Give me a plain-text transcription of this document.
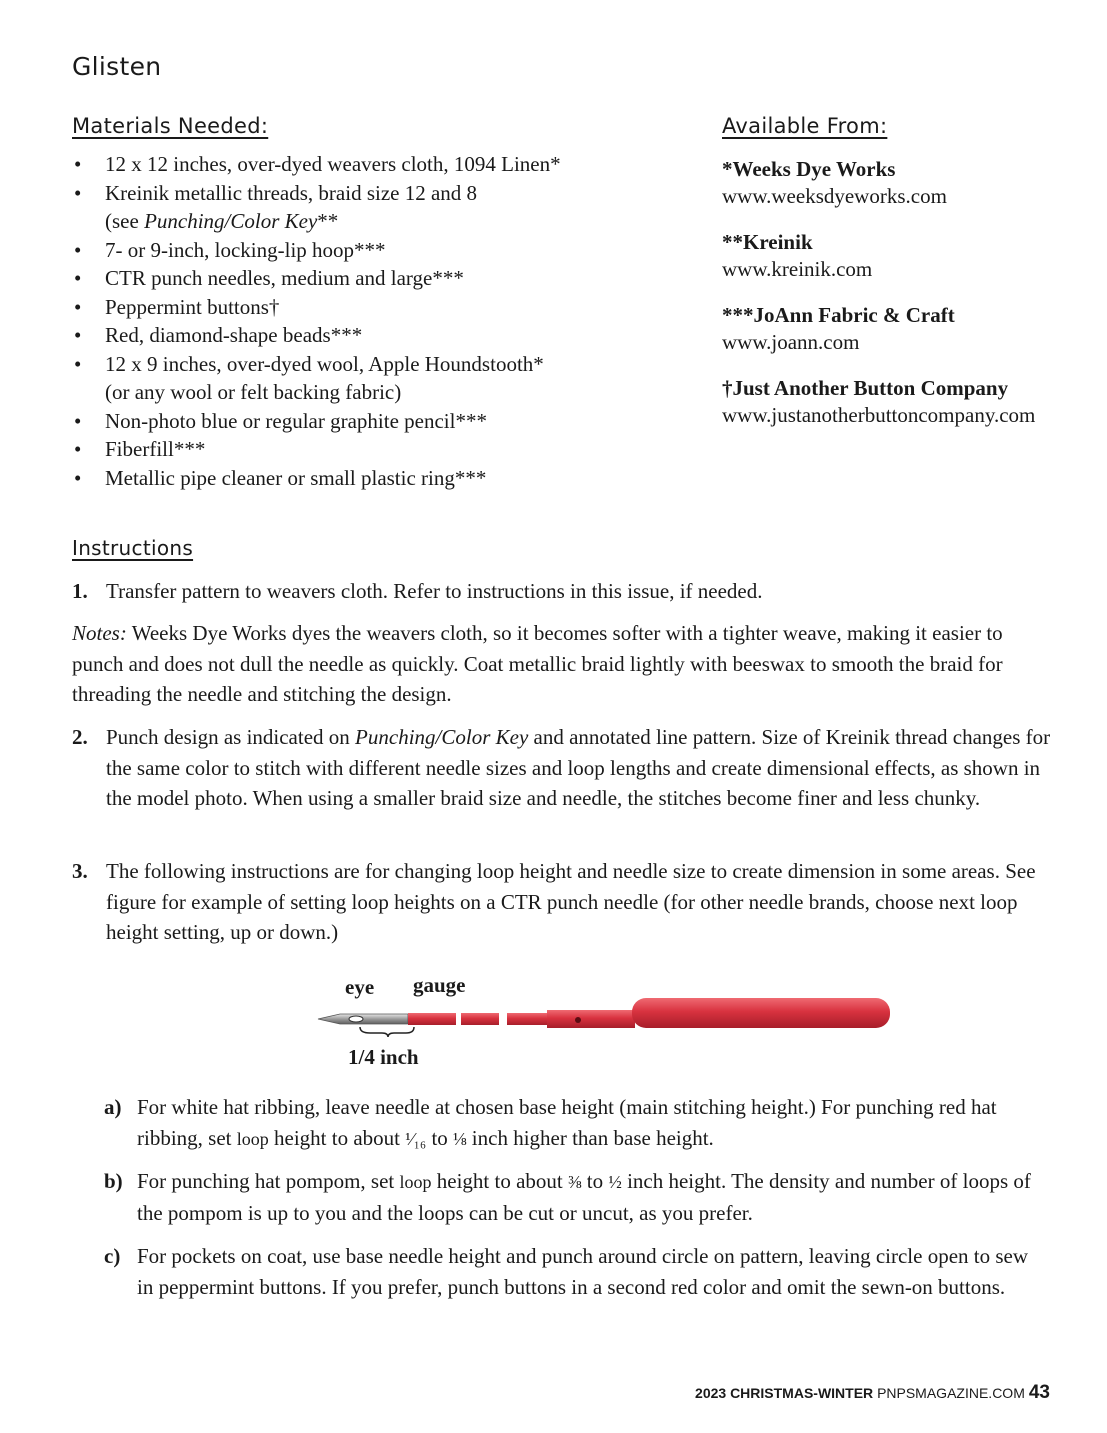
Glisten
Materials Needed:
• 12 x 12 inches, over-dyed weavers cloth, 1094 Linen*
• Kreinik metallic threads, braid size 12 and 8
(see Punching/Color Key**
• 7- or 9-inch, locking-lip hoop***
• CTR punch needles, medium and large***
• Peppermint buttons†
• Red, diamond-shape beads***
• 12 x 9 inches, over-dyed wool, Apple Houndstooth*
(or any wool or felt backing fabric)
• Non-photo blue or regular graphite pencil***
• Fiberfill***
• Metallic pipe cleaner or small plastic ring***
Available From:
*Weeks Dye Works
www.weeksdyeworks.com
**Kreinik
www.kreinik.com
***JoAnn Fabric & Craft
www.joann.com
†Just Another Button Company
www.justanotherbuttoncompany.com
Instructions
1. Transfer pattern to weavers cloth. Refer to instructions in this issue, if needed.
Notes: Weeks Dye Works dyes the weavers cloth, so it becomes softer with a tighter weave, making it easier to punch and does not dull the needle as quickly. Coat metallic braid lightly with beeswax to smooth the braid for threading the needle and stitching the design.
2. Punch design as indicated on Punching/Color Key and annotated line pattern. Size of Kreinik thread changes for the same color to stitch with different needle sizes and loop lengths and create dimensional effects, as shown in the model photo. When using a smaller braid size and needle, the stitches become finer and less chunky.
3. The following instructions are for changing loop height and needle size to create dimension in some areas. See figure for example of setting loop heights on a CTR punch needle (for other needle brands, choose next loop height setting, up or down.)
eye gauge
1/4 inch
a) For white hat ribbing, leave needle at chosen base height (main stitching height.) For punching red hat ribbing, set loop height to about ¹⁄₁₆ to ⅛ inch higher than base height.
b) For punching hat pompom, set loop height to about ⅜ to ½ inch height. The density and number of loops of the pompom is up to you and the loops can be cut or uncut, as you prefer.
c) For pockets on coat, use base needle height and punch around circle on pattern, leaving circle open to sew in peppermint buttons. If you prefer, punch buttons in a second red color and omit the sewn-on buttons.
2023 CHRISTMAS-WINTER PNPSMAGAZINE.COM 43
